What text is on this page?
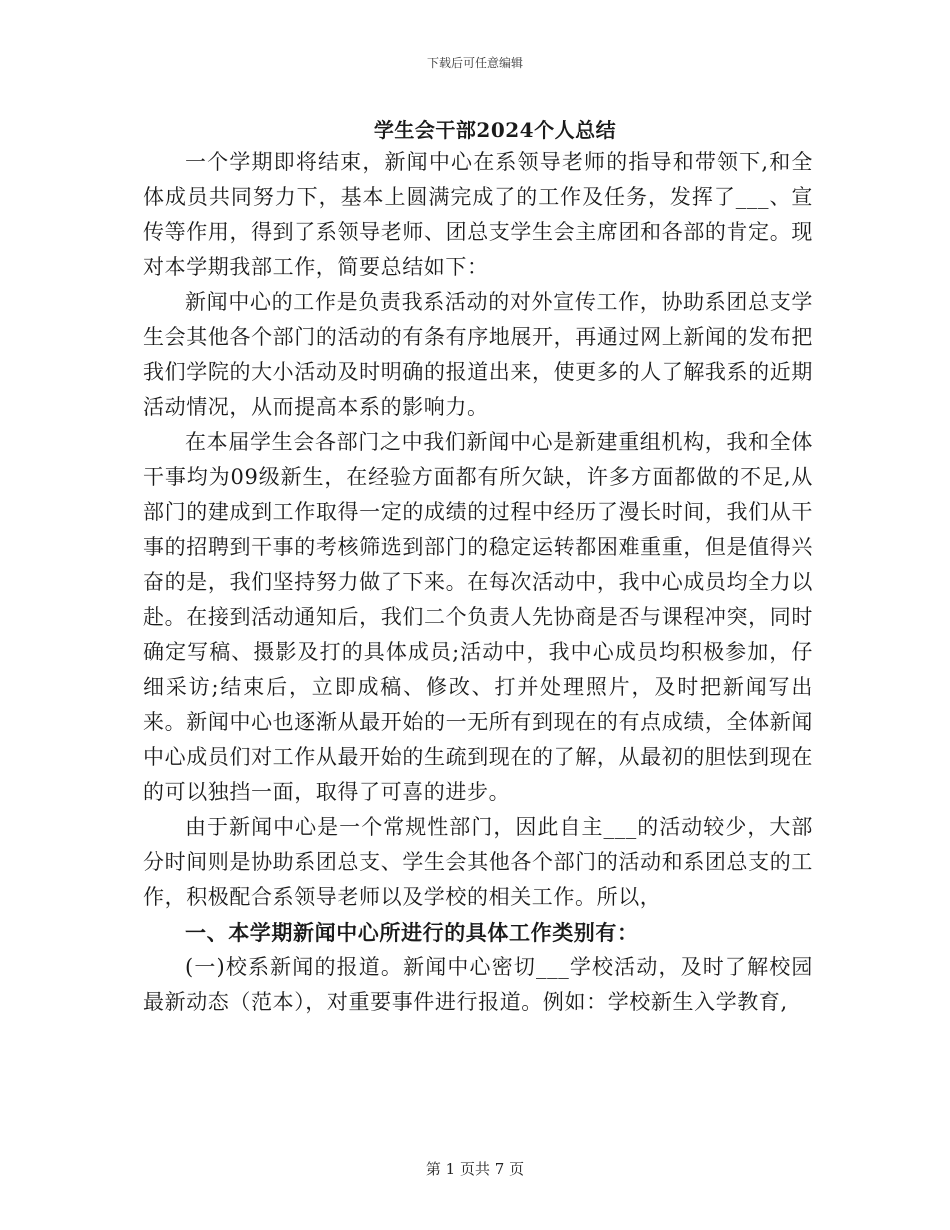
下载后可任意编辑
学生会干部2024个人总结

一个学期即将结束，新闻中心在系领导老师的指导和带领下,和全体成员共同努力下，基本上圆满完成了的工作及任务，发挥了___、宣传等作用，得到了系领导老师、团总支学生会主席团和各部的肯定。现对本学期我部工作，简要总结如下：

新闻中心的工作是负责我系活动的对外宣传工作，协助系团总支学生会其他各个部门的活动的有条有序地展开，再通过网上新闻的发布把我们学院的大小活动及时明确的报道出来，使更多的人了解我系的近期活动情况，从而提高本系的影响力。

在本届学生会各部门之中我们新闻中心是新建重组机构，我和全体干事均为09级新生，在经验方面都有所欠缺，许多方面都做的不足,从部门的建成到工作取得一定的成绩的过程中经历了漫长时间，我们从干事的招聘到干事的考核筛选到部门的稳定运转都困难重重，但是值得兴奋的是，我们坚持努力做了下来。在每次活动中，我中心成员均全力以赴。在接到活动通知后，我们二个负责人先协商是否与课程冲突，同时确定写稿、摄影及打的具体成员;活动中，我中心成员均积极参加，仔细采访;结束后，立即成稿、修改、打并处理照片，及时把新闻写出来。新闻中心也逐渐从最开始的一无所有到现在的有点成绩，全体新闻中心成员们对工作从最开始的生疏到现在的了解，从最初的胆怯到现在的可以独挡一面，取得了可喜的进步。

由于新闻中心是一个常规性部门，因此自主___的活动较少，大部分时间则是协助系团总支、学生会其他各个部门的活动和系团总支的工作，积极配合系领导老师以及学校的相关工作。所以，

一、本学期新闻中心所进行的具体工作类别有：

(一)校系新闻的报道。新闻中心密切___学校活动，及时了解校园最新动态（范本），对重要事件进行报道。例如：学校新生入学教育,

第 1 页共 7 页
